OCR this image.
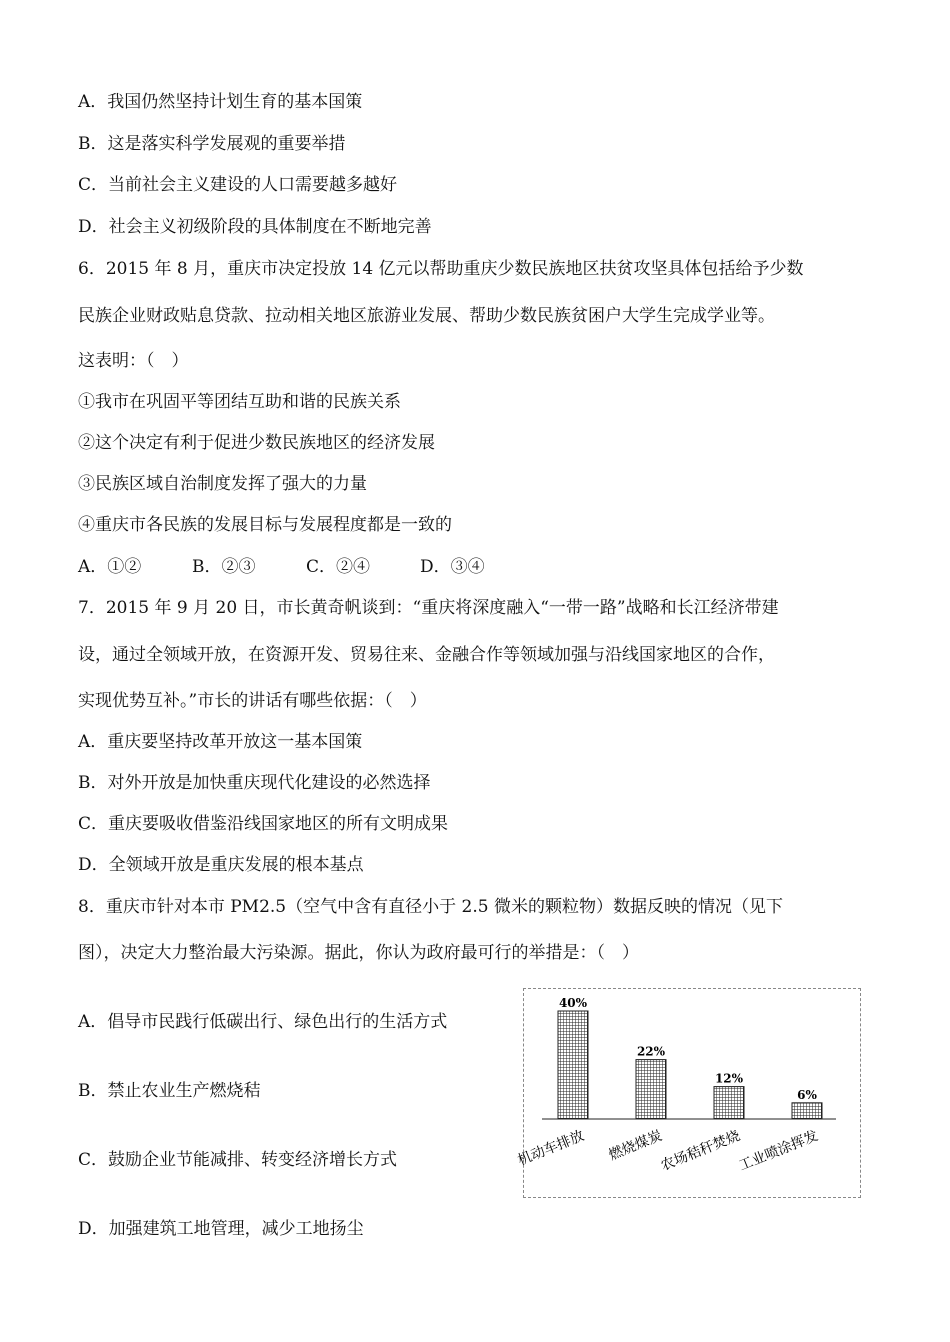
A．我国仍然坚持计划生育的基本国策
B．这是落实科学发展观的重要举措
C．当前社会主义建设的人口需要越多越好
D．社会主义初级阶段的具体制度在不断地完善
6．2015 年 8 月，重庆市决定投放 14 亿元以帮助重庆少数民族地区扶贫攻坚具体包括给予少数
民族企业财政贴息贷款、拉动相关地区旅游业发展、帮助少数民族贫困户大学生完成学业等。
这表明：（　）
①我市在巩固平等团结互助和谐的民族关系
②这个决定有利于促进少数民族地区的经济发展
③民族区域自治制度发挥了强大的力量
④重庆市各民族的发展目标与发展程度都是一致的
A．①②	B．②③	C．②④	D．③④
7．2015 年 9 月 20 日，市长黄奇帆谈到：“重庆将深度融入“一带一路”战略和长江经济带建
设，通过全领域开放，在资源开发、贸易往来、金融合作等领域加强与沿线国家地区的合作，
实现优势互补。”市长的讲话有哪些依据：（　）
A．重庆要坚持改革开放这一基本国策
B．对外开放是加快重庆现代化建设的必然选择
C．重庆要吸收借鉴沿线国家地区的所有文明成果
D．全领域开放是重庆发展的根本基点
8．重庆市针对本市 PM2.5（空气中含有直径小于 2.5 微米的颗粒物）数据反映的情况（见下
图），决定大力整治最大污染源。据此，你认为政府最可行的举措是：（　）
A．倡导市民践行低碳出行、绿色出行的生活方式
B．禁止农业生产燃烧秸
C．鼓励企业节能减排、转变经济增长方式
D．加强建筑工地管理，减少工地扬尘
40%
机动车排放
22%
燃烧煤炭
12%
农场秸秆焚烧
6%
工业喷涂挥发
